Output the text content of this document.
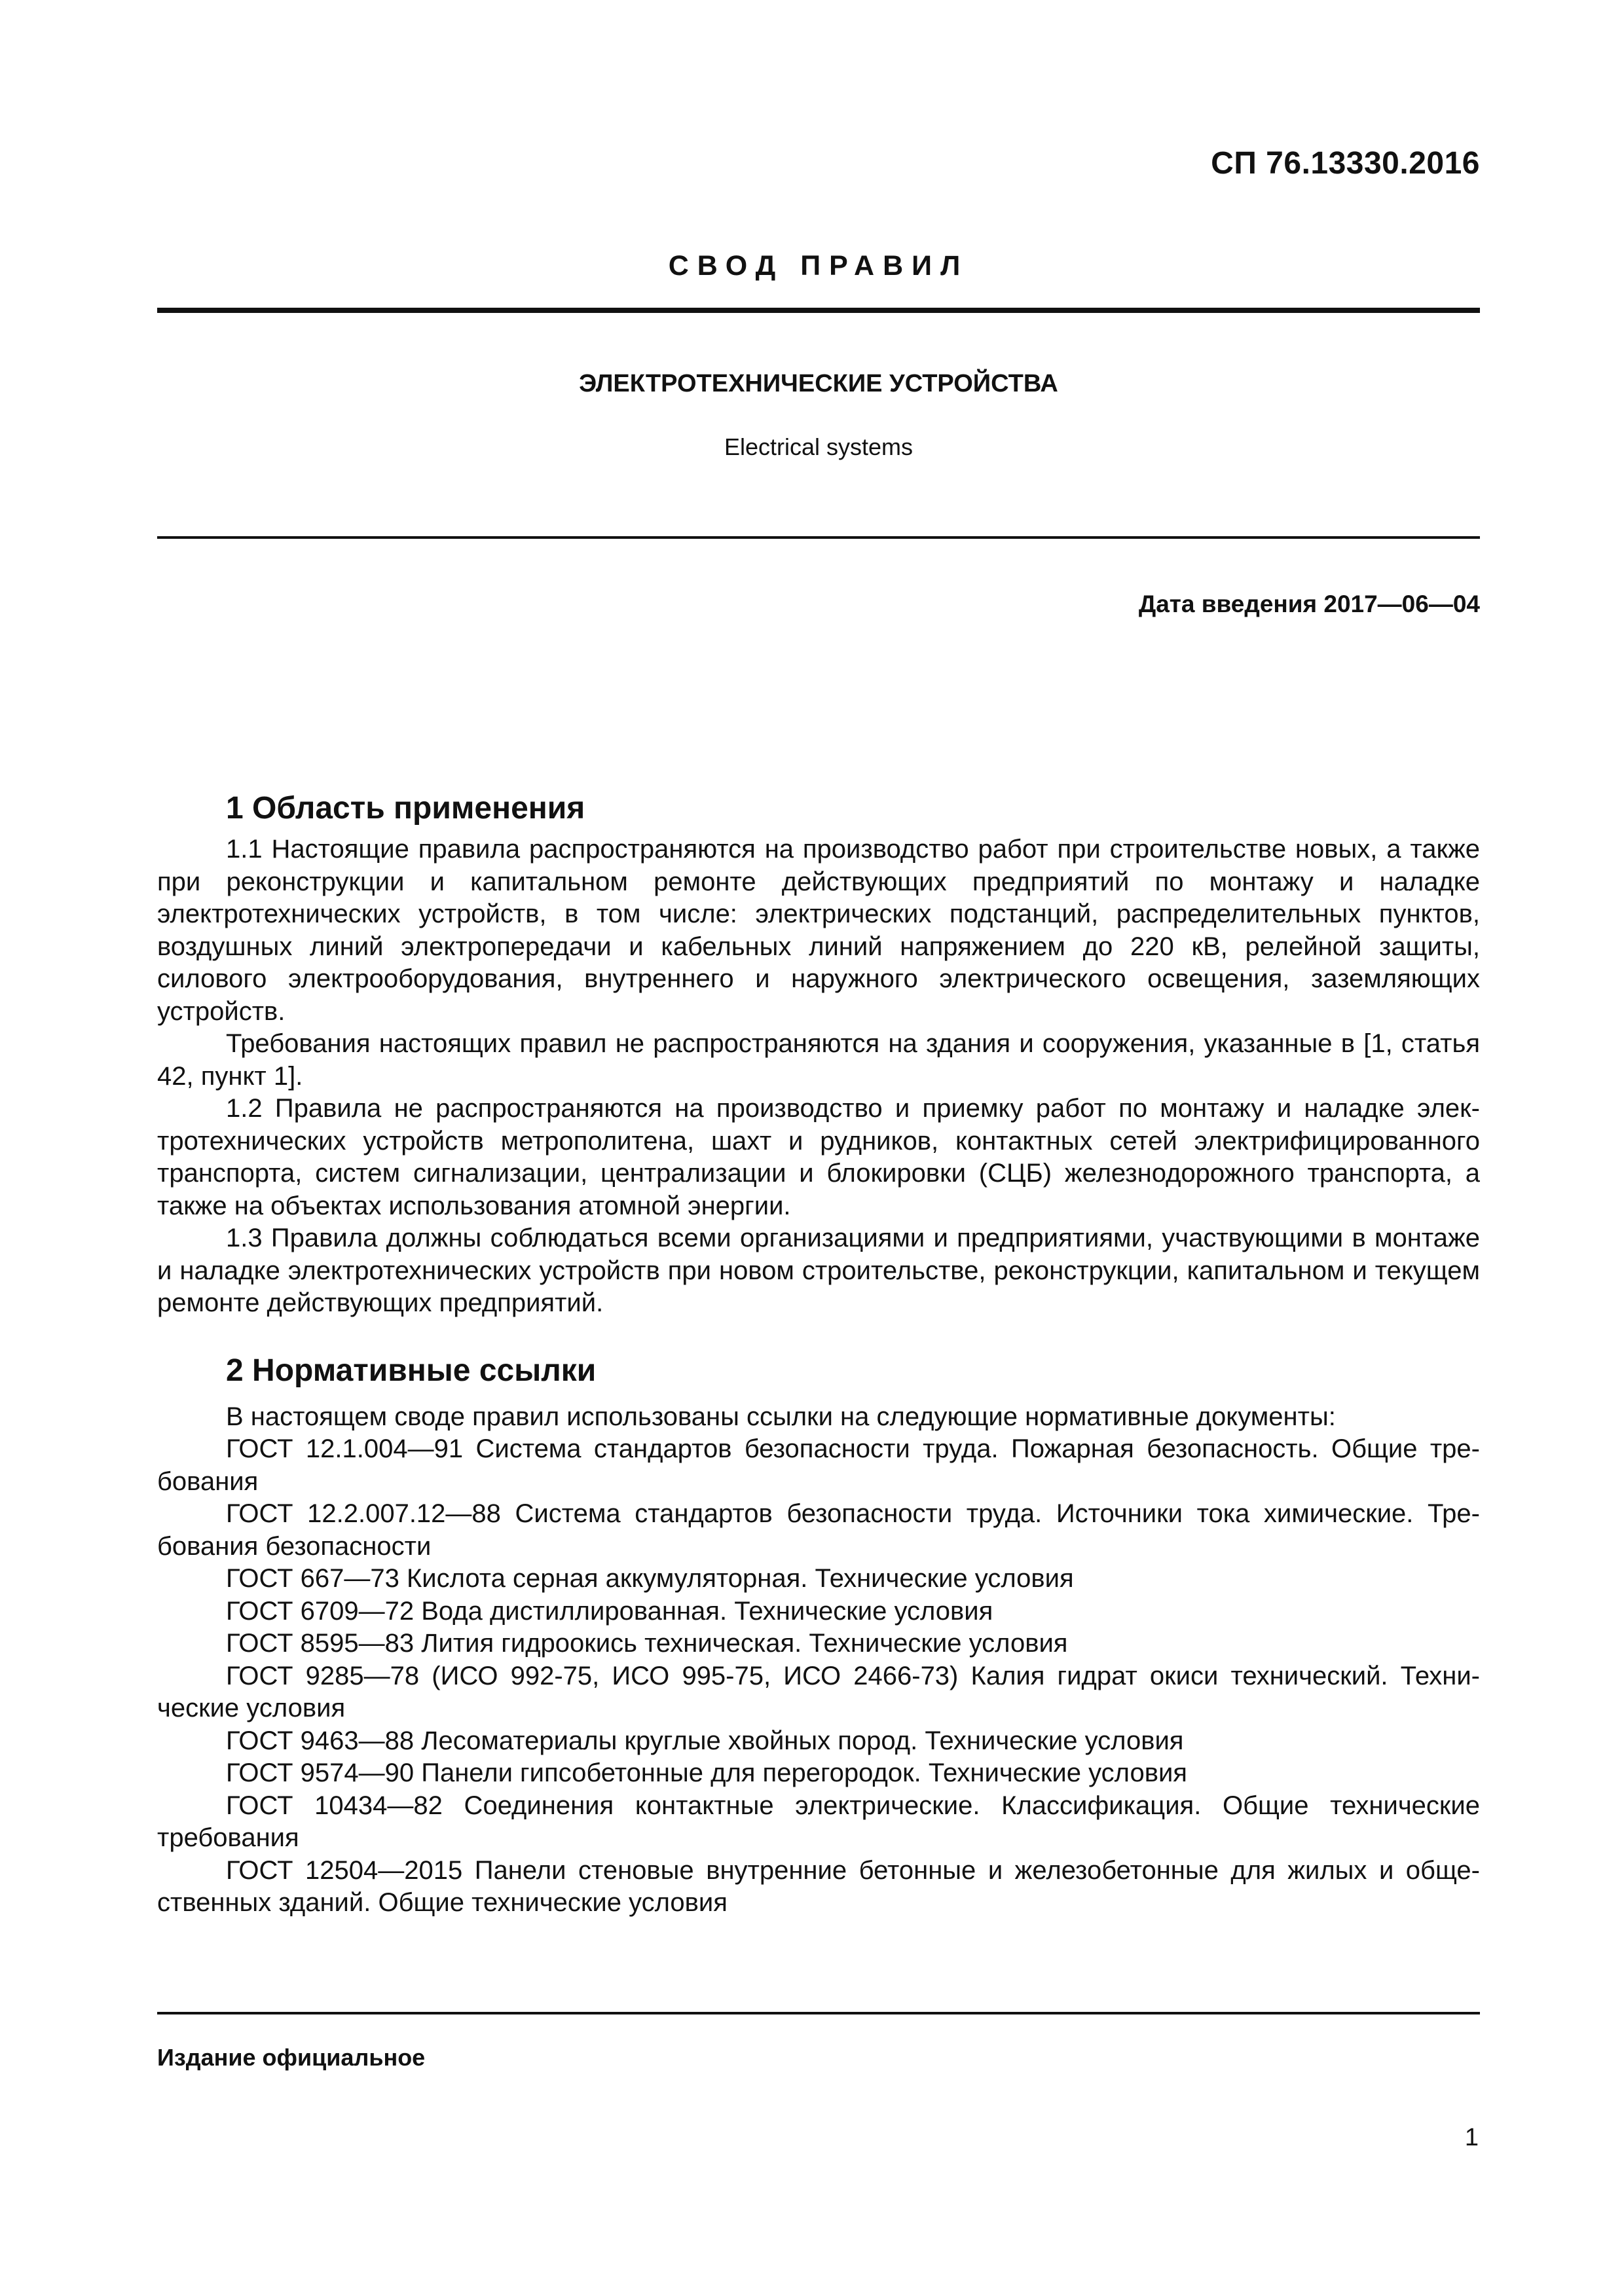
СП 76.13330.2016
СВОД ПРАВИЛ
ЭЛЕКТРОТЕХНИЧЕСКИЕ УСТРОЙСТВА
Electrical systems
Дата введения 2017—06—04
1 Область применения

1.1 Настоящие правила распространяются на производство работ при строительстве новых, а также при реконструкции и капитальном ремонте действующих предприятий по монтажу и наладке электротехнических устройств, в том числе: электрических подстанций, распределительных пунктов, воздушных линий электропередачи и кабельных линий напряжением до 220 кВ, релейной защиты, силового электрооборудования, внутреннего и наружного электрического освещения, заземляющих устройств.

Требования настоящих правил не распространяются на здания и сооружения, указанные в [1, статья 42, пункт 1].

1.2 Правила не распространяются на производство и приемку работ по монтажу и наладке электротехнических устройств метрополитена, шахт и рудников, контактных сетей электрифицированного транспорта, систем сигнализации, централизации и блокировки (СЦБ) железнодорожного транспорта, а также на объектах использования атомной энергии.

1.3 Правила должны соблюдаться всеми организациями и предприятиями, участвующими в монтаже и наладке электротехнических устройств при новом строительстве, реконструкции, капитальном и текущем ремонте действующих предприятий.

2 Нормативные ссылки

В настоящем своде правил использованы ссылки на следующие нормативные документы:

ГОСТ 12.1.004—91 Система стандартов безопасности труда. Пожарная безопасность. Общие требования

ГОСТ 12.2.007.12—88 Система стандартов безопасности труда. Источники тока химические. Требования безопасности

ГОСТ 667—73 Кислота серная аккумуляторная. Технические условия

ГОСТ 6709—72 Вода дистиллированная. Технические условия

ГОСТ 8595—83 Лития гидроокись техническая. Технические условия

ГОСТ 9285—78 (ИСО 992-75, ИСО 995-75, ИСО 2466-73) Калия гидрат окиси технический. Технические условия

ГОСТ 9463—88 Лесоматериалы круглые хвойных пород. Технические условия

ГОСТ 9574—90 Панели гипсобетонные для перегородок. Технические условия

ГОСТ 10434—82 Соединения контактные электрические. Классификация. Общие технические требования

ГОСТ 12504—2015 Панели стеновые внутренние бетонные и железобетонные для жилых и общественных зданий. Общие технические условия

Издание официальное
1
